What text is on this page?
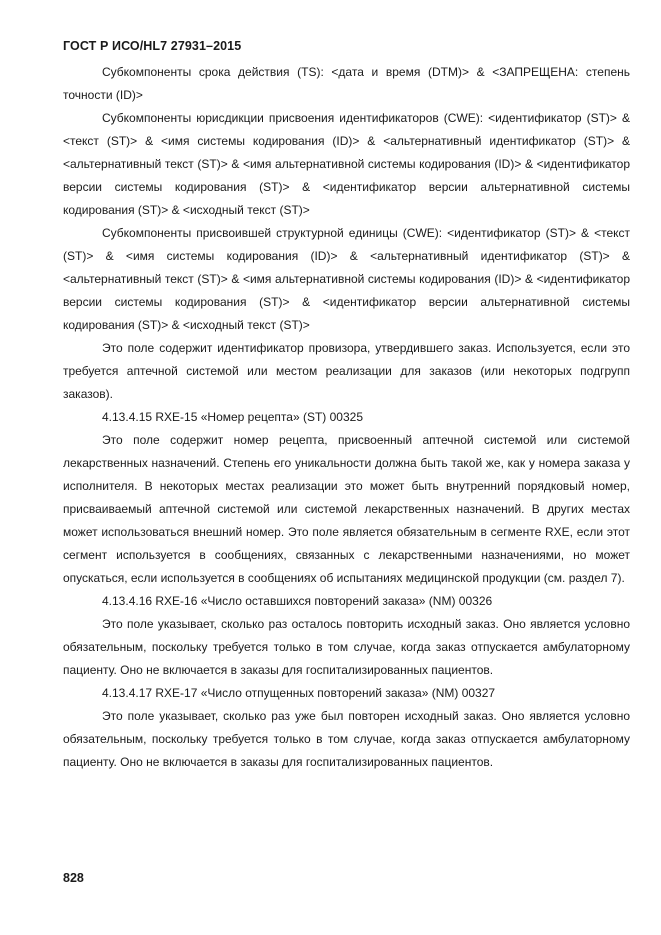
ГОСТ Р ИСО/HL7 27931–2015

Субкомпоненты срока действия (TS): <дата и время (DTM)> & <ЗАПРЕЩЕНА: степень точности (ID)>

Субкомпоненты юрисдикции присвоения идентификаторов (CWE): <идентификатор (ST)> & <текст (ST)> & <имя системы кодирования (ID)> & <альтернативный идентификатор (ST)> & <альтернативный текст (ST)> & <имя альтернативной системы кодирования (ID)> & <идентификатор версии системы кодирования (ST)> & <идентификатор версии альтернативной системы кодирования (ST)> & <исходный текст (ST)>

Субкомпоненты присвоившей структурной единицы (CWE): <идентификатор (ST)> & <текст (ST)> & <имя системы кодирования (ID)> & <альтернативный идентификатор (ST)> & <альтернативный текст (ST)> & <имя альтернативной системы кодирования (ID)> & <идентификатор версии системы кодирования (ST)> & <идентификатор версии альтернативной системы кодирования (ST)> & <исходный текст (ST)>

Это поле содержит идентификатор провизора, утвердившего заказ. Используется, если это требуется аптечной системой или местом реализации для заказов (или некоторых подгрупп заказов).

4.13.4.15 RXE-15 «Номер рецепта» (ST) 00325

Это поле содержит номер рецепта, присвоенный аптечной системой или системой лекарственных назначений. Степень его уникальности должна быть такой же, как у номера заказа у исполнителя. В некоторых местах реализации это может быть внутренний порядковый номер, присваиваемый аптечной системой или системой лекарственных назначений. В других местах может использоваться внешний номер. Это поле является обязательным в сегменте RXE, если этот сегмент используется в сообщениях, связанных с лекарственными назначениями, но может опускаться, если используется в сообщениях об испытаниях медицинской продукции (см. раздел 7).

4.13.4.16 RXE-16 «Число оставшихся повторений заказа» (NM) 00326

Это поле указывает, сколько раз осталось повторить исходный заказ. Оно является условно обязательным, поскольку требуется только в том случае, когда заказ отпускается амбулаторному пациенту. Оно не включается в заказы для госпитализированных пациентов.

4.13.4.17 RXE-17 «Число отпущенных повторений заказа» (NM) 00327

Это поле указывает, сколько раз уже был повторен исходный заказ. Оно является условно обязательным, поскольку требуется только в том случае, когда заказ отпускается амбулаторному пациенту. Оно не включается в заказы для госпитализированных пациентов.

828
